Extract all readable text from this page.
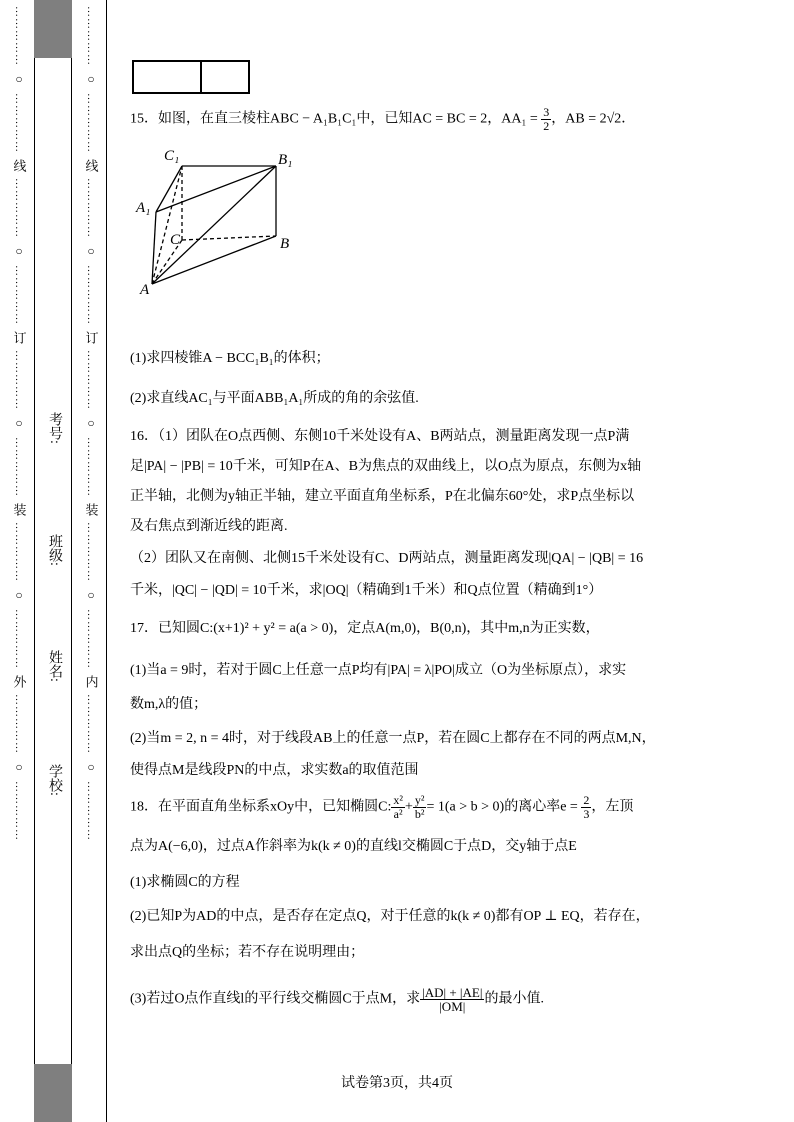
……………
○
……………
线
……………
○
……………
订
……………
○
……………
装
……………
○
……………
外
……………
○
……………
考号:
班级:
姓名:
学校:
……………
○
……………
线
……………
○
……………
订
……………
○
……………
装
……………
○
……………
内
……………
○
……………
15．如图，在直三棱柱ABC − A₁B₁C₁中，已知AC = BC = 2，$AA_1 = \frac{3}{2}$ ，AB = 2√2．
C₁	B₁
A₁
C	B
A
(1)求四棱锥A − BCC₁B₁的体积；
(2)求直线AC₁与平面ABB₁A₁所成的角的余弦值.
16．（1）团队在O点西侧、东侧10千米处设有A、B两站点，测量距离发现一点P满
足|PA| − |PB| = 10千米，可知P在A、B为焦点的双曲线上，以O点为原点，东侧为x轴
正半轴，北侧为y轴正半轴，建立平面直角坐标系，P在北偏东60°处，求P点坐标以
及右焦点到渐近线的距离.
（2）团队又在南侧、北侧15千米处设有C、D两站点，测量距离发现|QA| − |QB| = 16
千米，|QC| − |QD| = 10千米，求|OQ|（精确到1千米）和Q点位置（精确到1°）
17．已知圆C:(x+1)² + y² = a(a > 0)，定点A(m,0)，B(0,n)，其中m,n为正实数，
(1)当a = 9时，若对于圆C上任意一点P均有|PA| = λ|PO|成立（O为坐标原点），求实
数m,λ的值；
(2)当m = 2, n = 4时，对于线段AB上的任意一点P，若在圆C上都存在不同的两点M,N，
使得点M是线段PN的中点，求实数a的取值范围
18．在平面直角坐标系xOy中，已知椭圆C: $\frac{\text{x²}}{\text{a²}} + \frac{\text{y²}}{\text{b²}} = 1(a > b > 0)$的离心率$e = \frac{2}{3}$ ，左顶
点为A(−6,0)，过点A作斜率为k(k ≠ 0)的直线l交椭圆C于点D，交y轴于点E
(1)求椭圆C的方程
(2)已知P为AD的中点，是否存在定点Q，对于任意的k(k ≠ 0)都有OP ⊥ EQ，若存在，
求出点Q的坐标；若不存在说明理由；
(3)若过O点作直线l的平行线交椭圆C于点M，求 $\frac{|AD| + |AE|}{|OM|}$ 的最小值.
试卷第3页，共4页
